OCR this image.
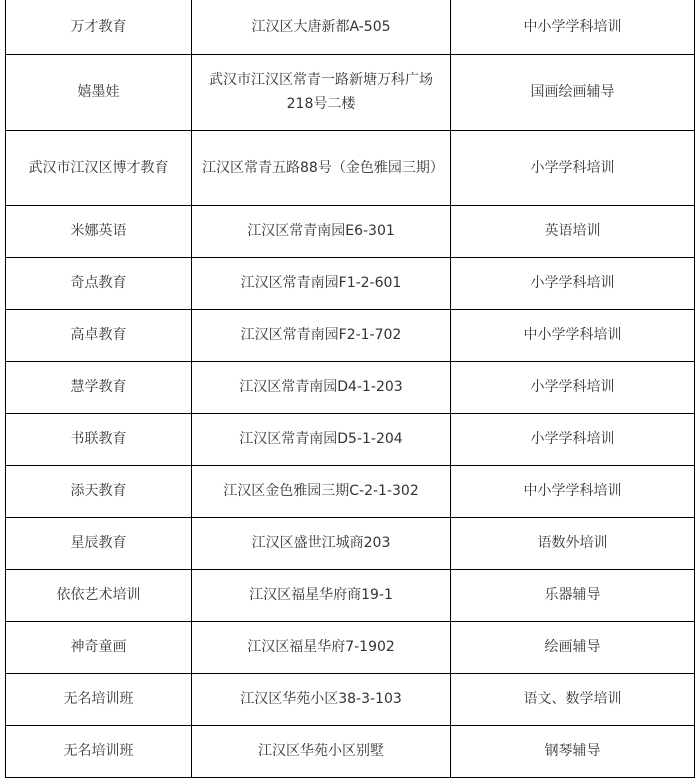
万才教育	江汉区大唐新都A-505	中小学学科培训
嬉墨娃	武汉市江汉区常青一路新塘万科广场218号二楼	国画绘画辅导
武汉市江汉区博才教育	江汉区常青五路88号（金色雅园三期）	小学学科培训
米娜英语	江汉区常青南园E6-301	英语培训
奇点教育	江汉区常青南园F1-2-601	小学学科培训
高卓教育	江汉区常青南园F2-1-702	中小学学科培训
慧学教育	江汉区常青南园D4-1-203	小学学科培训
书联教育	江汉区常青南园D5-1-204	小学学科培训
添天教育	江汉区金色雅园三期C-2-1-302	中小学学科培训
星辰教育	江汉区盛世江城商203	语数外培训
依依艺术培训	江汉区福星华府商19-1	乐器辅导
神奇童画	江汉区福星华府7-1902	绘画辅导
无名培训班	江汉区华苑小区38-3-103	语文、数学培训
无名培训班	江汉区华苑小区别墅	钢琴辅导
